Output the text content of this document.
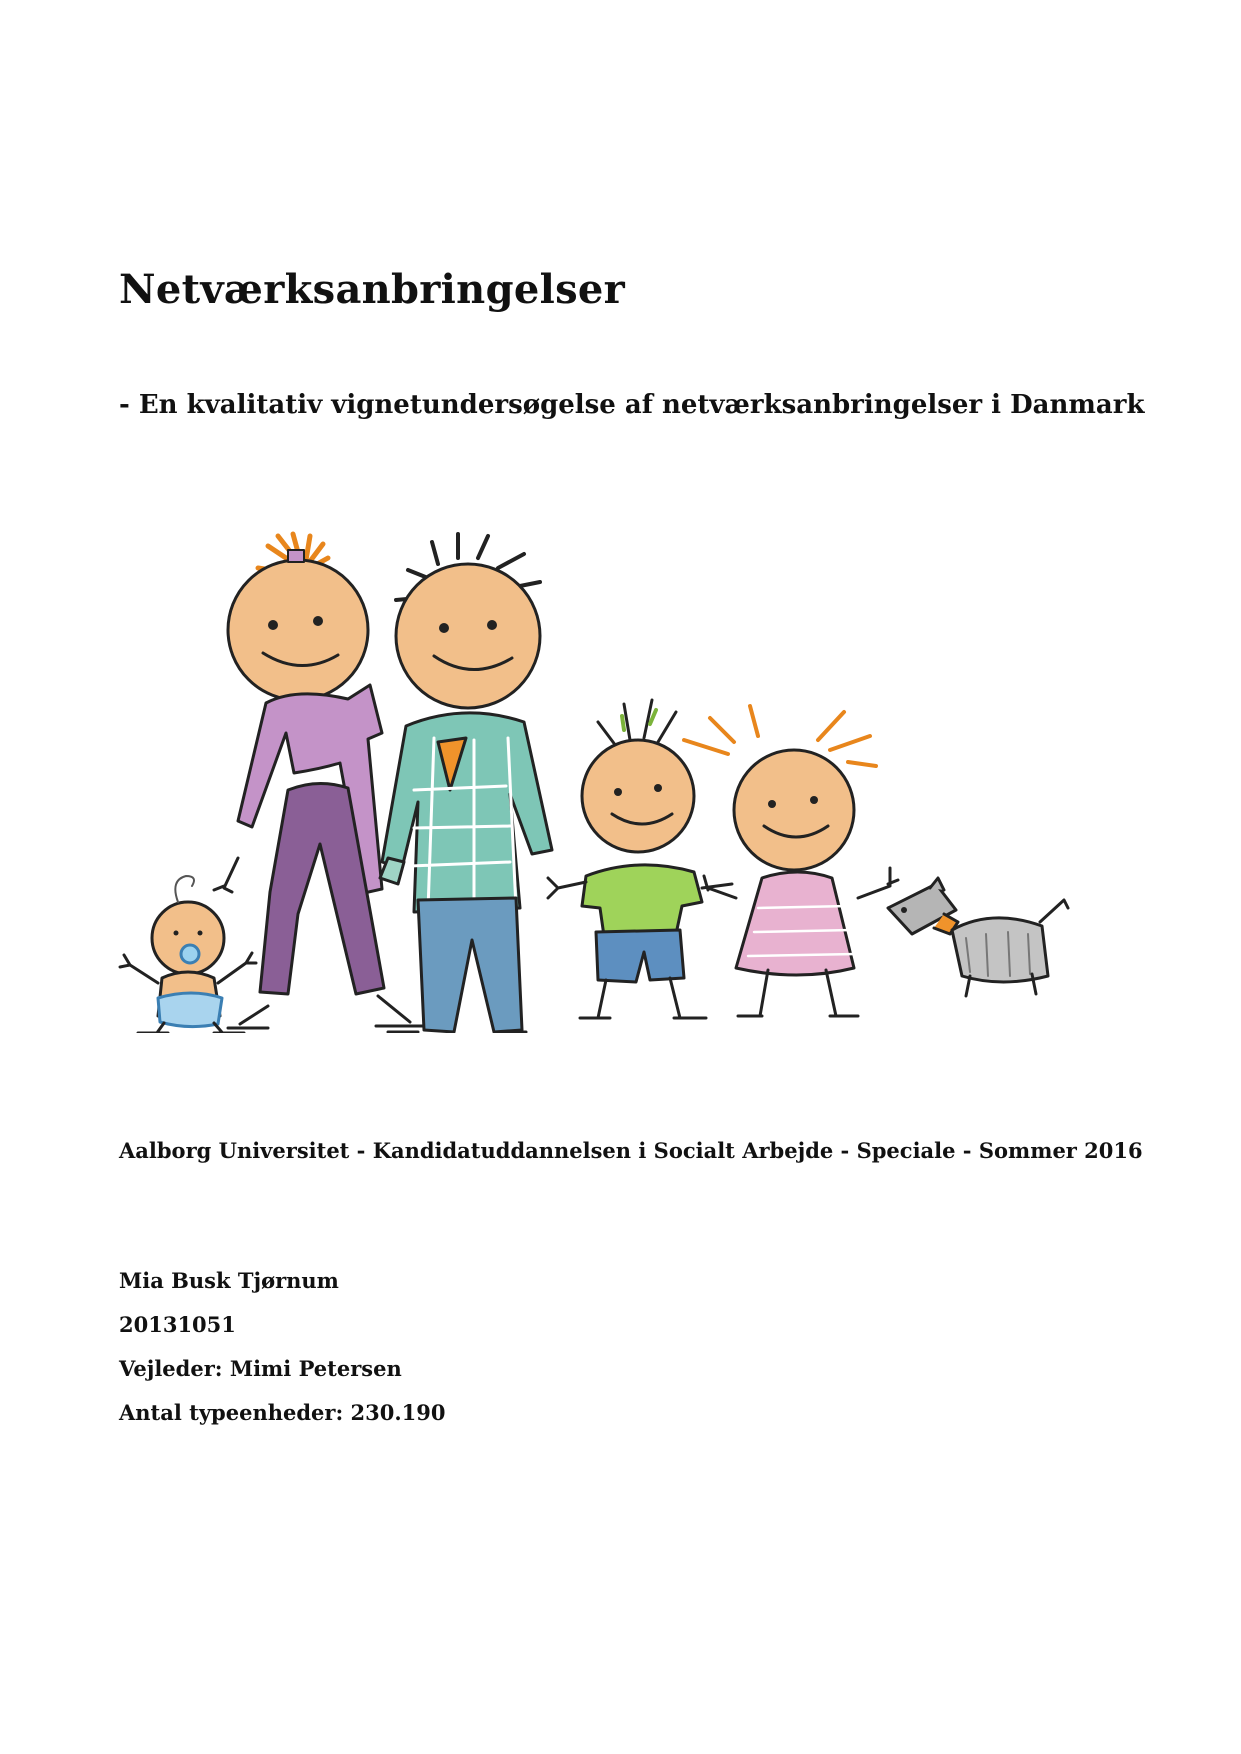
Netværksanbringelser
- En kvalitativ vignetundersøgelse af netværksanbringelser i Danmark
Aalborg Universitet - Kandidatuddannelsen i Socialt Arbejde - Speciale - Sommer 2016
Mia Busk Tjørnum
20131051
Vejleder: Mimi Petersen
Antal typeenheder: 230.190
